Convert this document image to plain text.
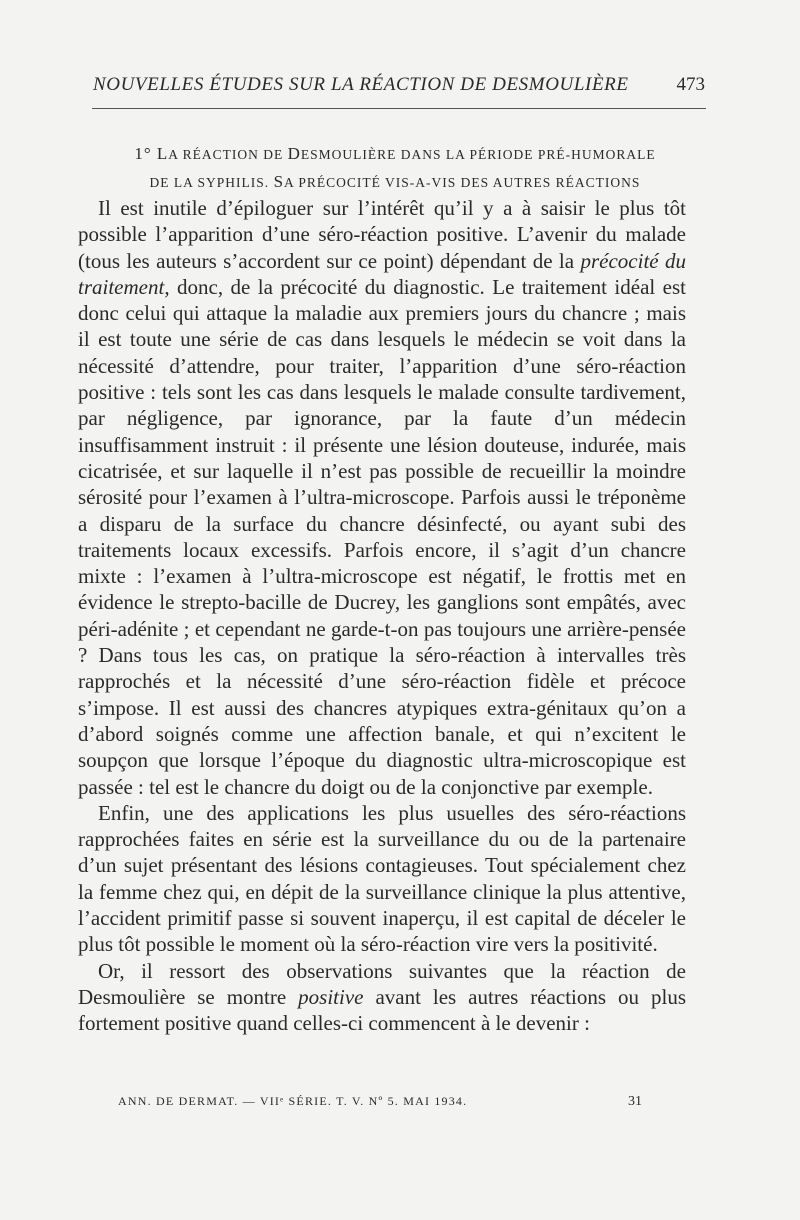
NOUVELLES ÉTUDES SUR LA RÉACTION DE DESMOULIÈRE	473
1° LA RÉACTION DE DESMOULIÈRE DANS LA PÉRIODE PRÉ-HUMORALE
DE LA SYPHILIS. SA PRÉCOCITÉ VIS-A-VIS DES AUTRES RÉACTIONS

Il est inutile d’épiloguer sur l’intérêt qu’il y a à saisir le plus tôt possible l’apparition d’une séro-réaction positive. L’avenir du malade (tous les auteurs s’accordent sur ce point) dépendant de la précocité du traitement, donc, de la précocité du diagnostic. Le traitement idéal est donc celui qui attaque la maladie aux premiers jours du chancre ; mais il est toute une série de cas dans lesquels le médecin se voit dans la nécessité d’attendre, pour traiter, l’apparition d’une séro-réaction positive : tels sont les cas dans lesquels le malade consulte tardivement, par négligence, par ignorance, par la faute d’un médecin insuffisamment instruit : il présente une lésion douteuse, indurée, mais cicatrisée, et sur laquelle il n’est pas possible de recueillir la moindre sérosité pour l’examen à l’ultra-microscope. Parfois aussi le tréponème a disparu de la surface du chancre désinfecté, ou ayant subi des traitements locaux excessifs. Parfois encore, il s’agit d’un chancre mixte : l’examen à l’ultra-microscope est négatif, le frottis met en évidence le strepto-bacille de Ducrey, les ganglions sont empâtés, avec péri-adénite ; et cependant ne garde-t-on pas toujours une arrière-pensée ? Dans tous les cas, on pratique la séro-réaction à intervalles très rapprochés et la nécessité d’une séro-réaction fidèle et précoce s’impose. Il est aussi des chancres atypiques extra-génitaux qu’on a d’abord soignés comme une affection banale, et qui n’excitent le soupçon que lorsque l’époque du diagnostic ultra-microscopique est passée : tel est le chancre du doigt ou de la conjonctive par exemple.

Enfin, une des applications les plus usuelles des séro-réactions rapprochées faites en série est la surveillance du ou de la partenaire d’un sujet présentant des lésions contagieuses. Tout spécialement chez la femme chez qui, en dépit de la surveillance clinique la plus attentive, l’accident primitif passe si souvent inaperçu, il est capital de déceler le plus tôt possible le moment où la séro-réaction vire vers la positivité.

Or, il ressort des observations suivantes que la réaction de Desmoulière se montre positive avant les autres réactions ou plus fortement positive quand celles-ci commencent à le devenir :

ANN. DE DERMAT. — VIIᵉ SÉRIE. T. V. Nº 5. MAI 1934.	31
